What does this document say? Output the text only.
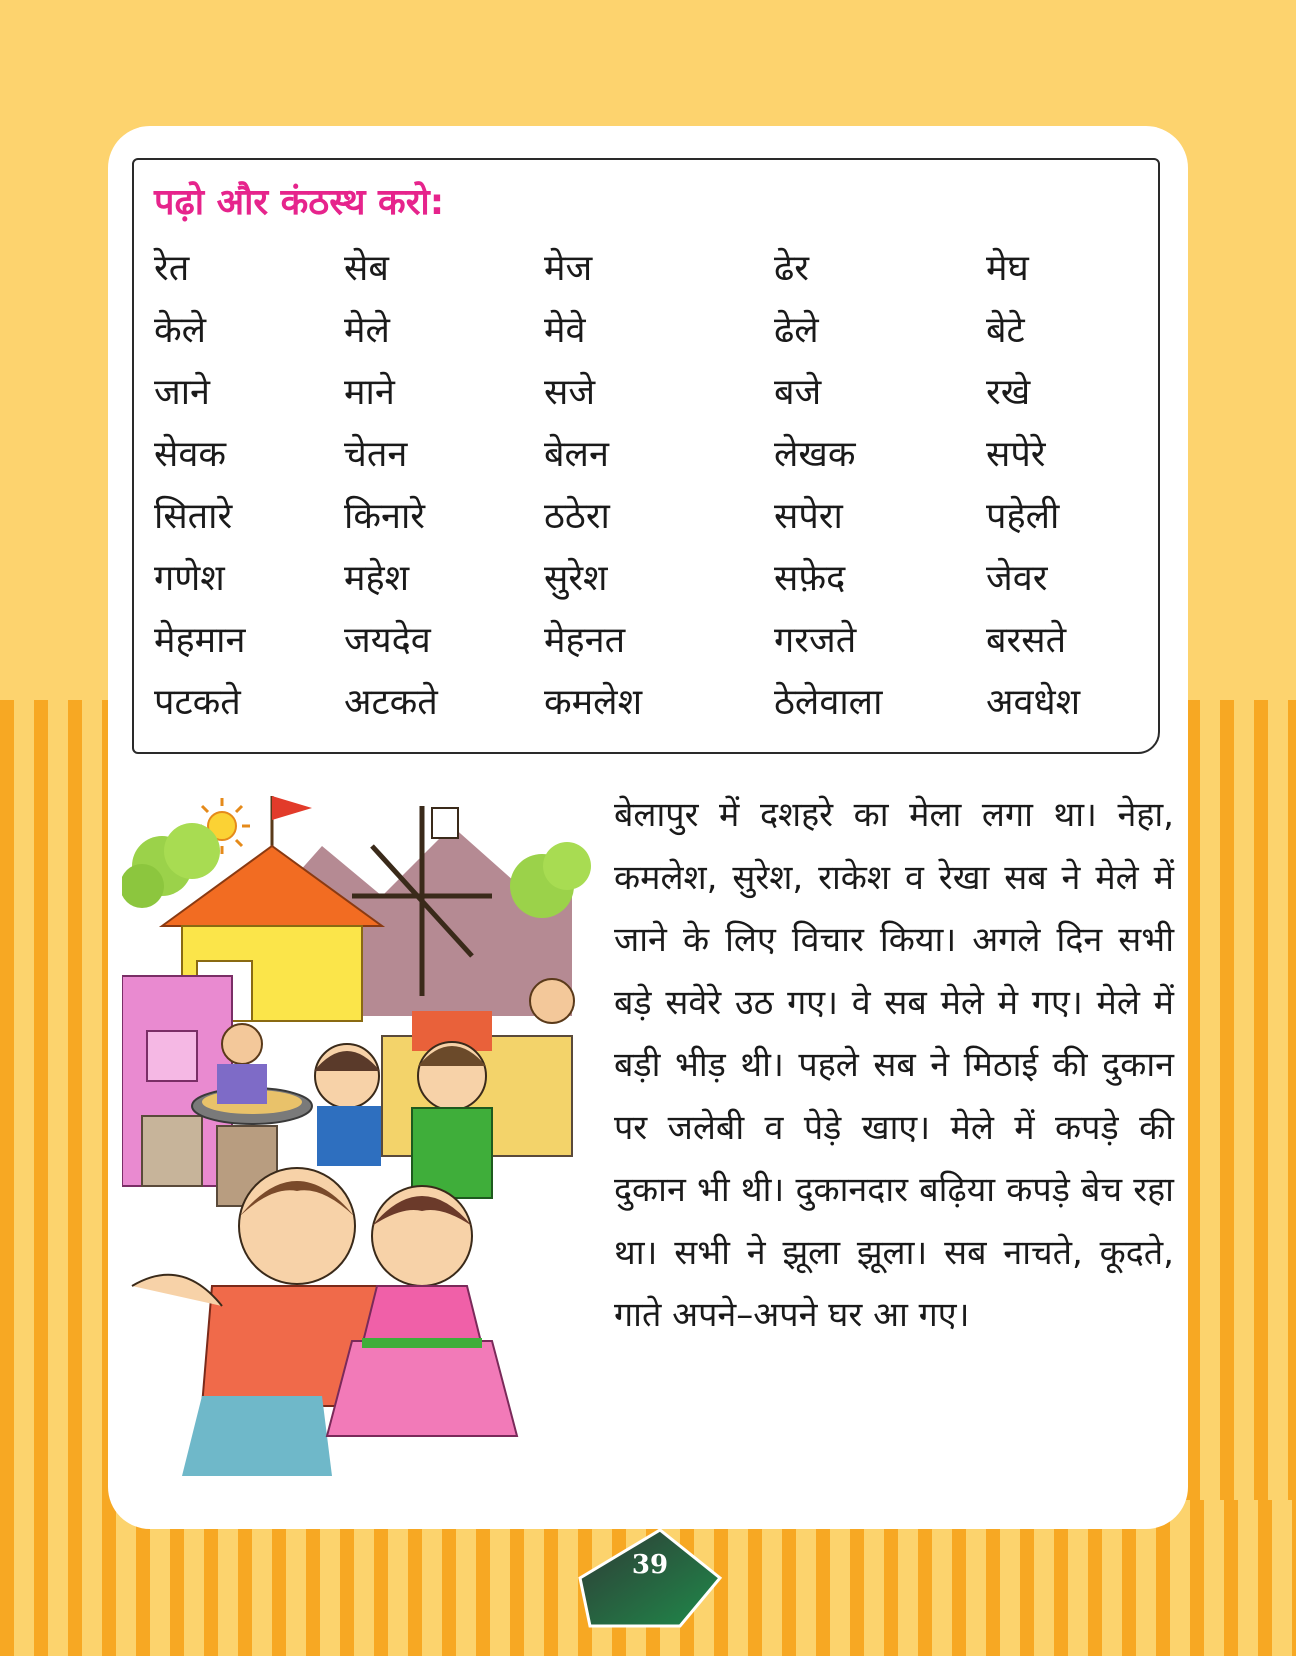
पढ़ो और कंठस्थ करो:
रेत	सेब	मेज	ढेर	मेघ
केले	मेले	मेवे	ढेले	बेटे
जाने	माने	सजे	बजे	रखे
सेवक	चेतन	बेलन	लेखक	सपेरे
सितारे	किनारे	ठठेरा	सपेरा	पहेली
गणेश	महेश	सुरेश	सफ़ेद	जेवर
मेहमान	जयदेव	मेहनत	गरजते	बरसते
पटकते	अटकते	कमलेश	ठेलेवाला	अवधेश

बेलापुर में दशहरे का मेला लगा था। नेहा, कमलेश, सुरेश, राकेश व रेखा सब ने मेले में जाने के लिए विचार किया। अगले दिन सभी बड़े सवेरे उठ गए। वे सब मेले मे गए। मेले में बड़ी भीड़ थी। पहले सब ने मिठाई की दुकान पर जलेबी व पेड़े खाए। मेले में कपड़े की दुकान भी थी। दुकानदार बढ़िया कपड़े बेच रहा था। सभी ने झूला झूला। सब नाचते, कूदते, गाते अपने–अपने घर आ गए।

39
